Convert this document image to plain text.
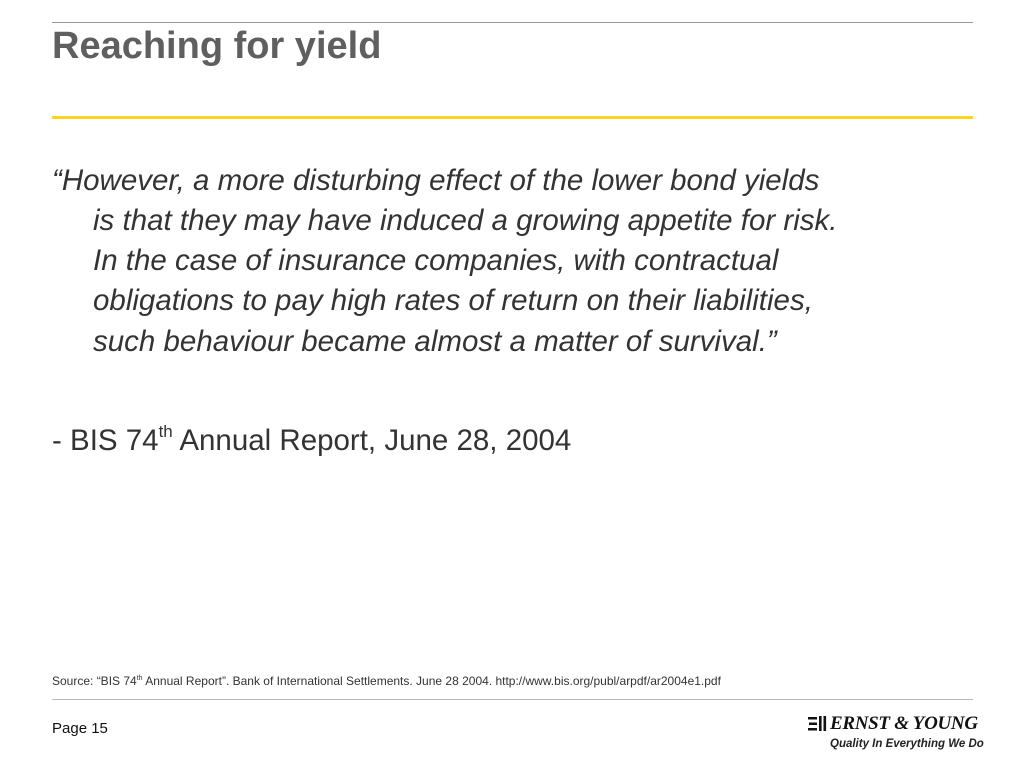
Reaching for yield
“However, a more disturbing effect of the lower bond yields
is that they may have induced a growing appetite for risk.
In the case of insurance companies, with contractual
obligations to pay high rates of return on their liabilities,
such behaviour became almost a matter of survival.”
- BIS 74th Annual Report, June 28, 2004
Source: “BIS 74th Annual Report”. Bank of International Settlements. June 28 2004. http://www.bis.org/publ/arpdf/ar2004e1.pdf
Page 15	ERNST & YOUNG
Quality In Everything We Do
